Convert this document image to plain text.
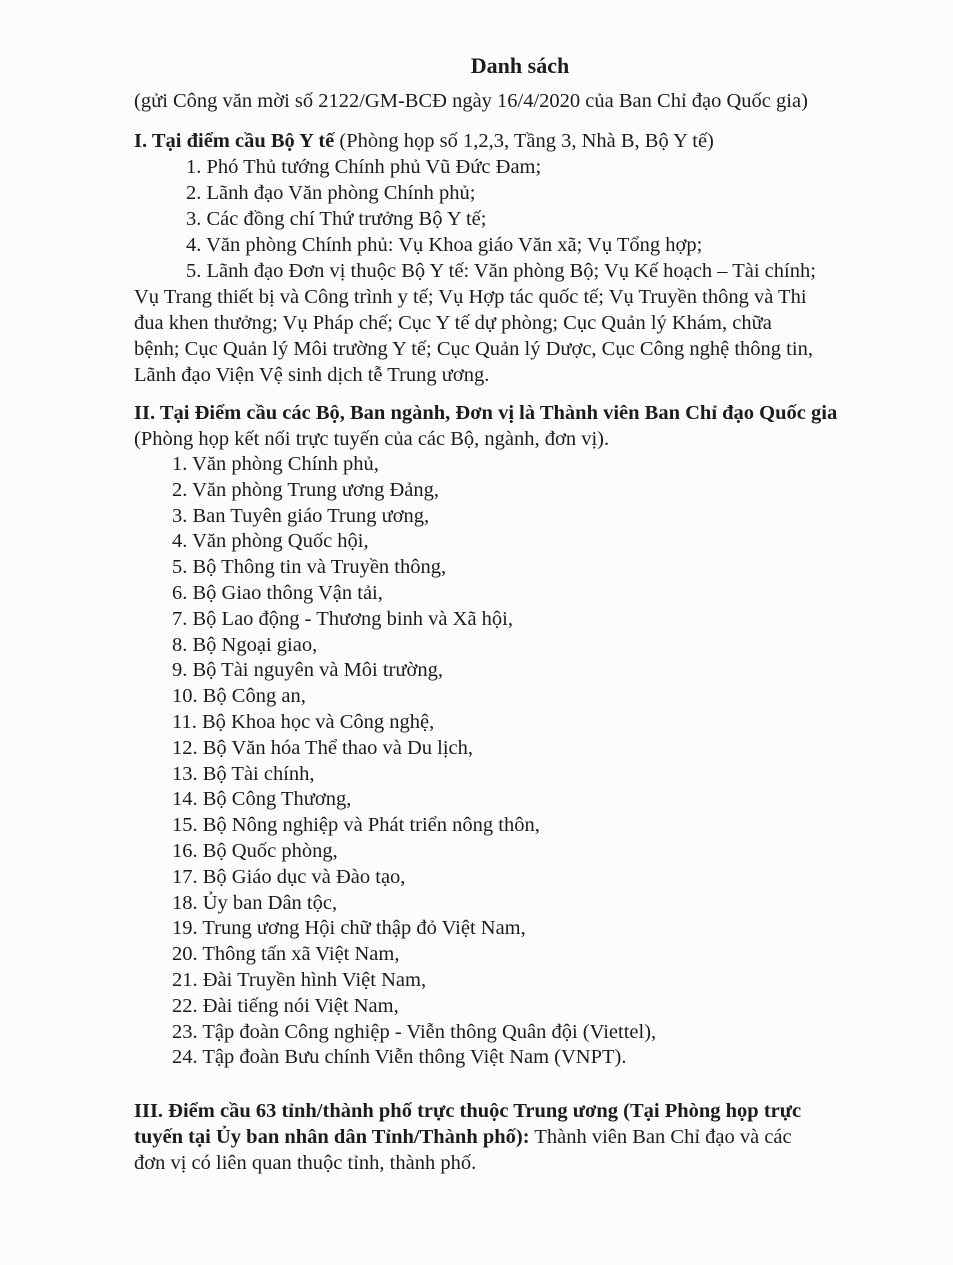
Danh sách
(gửi Công văn mời số 2122/GM-BCĐ ngày 16/4/2020 của Ban Chỉ đạo Quốc gia)
I. Tại điểm cầu Bộ Y tế (Phòng họp số 1,2,3, Tầng 3, Nhà B, Bộ Y tế)
1. Phó Thủ tướng Chính phủ Vũ Đức Đam;
2. Lãnh đạo Văn phòng Chính phủ;
3. Các đồng chí Thứ trưởng Bộ Y tế;
4. Văn phòng Chính phủ: Vụ Khoa giáo Văn xã; Vụ Tổng hợp;
5. Lãnh đạo Đơn vị thuộc Bộ Y tế: Văn phòng Bộ; Vụ Kế hoạch – Tài chính;
Vụ Trang thiết bị và Công trình y tế; Vụ Hợp tác quốc tế; Vụ Truyền thông và Thi
đua khen thưởng; Vụ Pháp chế; Cục Y tế dự phòng; Cục Quản lý Khám, chữa
bệnh; Cục Quản lý Môi trường Y tế; Cục Quản lý Dược, Cục Công nghệ thông tin,
Lãnh đạo Viện Vệ sinh dịch tễ Trung ương.
II. Tại Điểm cầu các Bộ, Ban ngành, Đơn vị là Thành viên Ban Chỉ đạo Quốc gia
(Phòng họp kết nối trực tuyến của các Bộ, ngành, đơn vị).
1. Văn phòng Chính phủ,
2. Văn phòng Trung ương Đảng,
3. Ban Tuyên giáo Trung ương,
4. Văn phòng Quốc hội,
5. Bộ Thông tin và Truyền thông,
6. Bộ Giao thông Vận tải,
7. Bộ Lao động - Thương binh và Xã hội,
8. Bộ Ngoại giao,
9. Bộ Tài nguyên và Môi trường,
10. Bộ Công an,
11. Bộ Khoa học và Công nghệ,
12. Bộ Văn hóa Thể thao và Du lịch,
13. Bộ Tài chính,
14. Bộ Công Thương,
15. Bộ Nông nghiệp và Phát triển nông thôn,
16. Bộ Quốc phòng,
17. Bộ Giáo dục và Đào tạo,
18. Ủy ban Dân tộc,
19. Trung ương Hội chữ thập đỏ Việt Nam,
20. Thông tấn xã Việt Nam,
21. Đài Truyền hình Việt Nam,
22. Đài tiếng nói Việt Nam,
23. Tập đoàn Công nghiệp - Viễn thông Quân đội (Viettel),
24. Tập đoàn Bưu chính Viễn thông Việt Nam (VNPT).
III. Điểm cầu 63 tỉnh/thành phố trực thuộc Trung ương (Tại Phòng họp trực
tuyến tại Ủy ban nhân dân Tỉnh/Thành phố): Thành viên Ban Chỉ đạo và các
đơn vị có liên quan thuộc tỉnh, thành phố.
